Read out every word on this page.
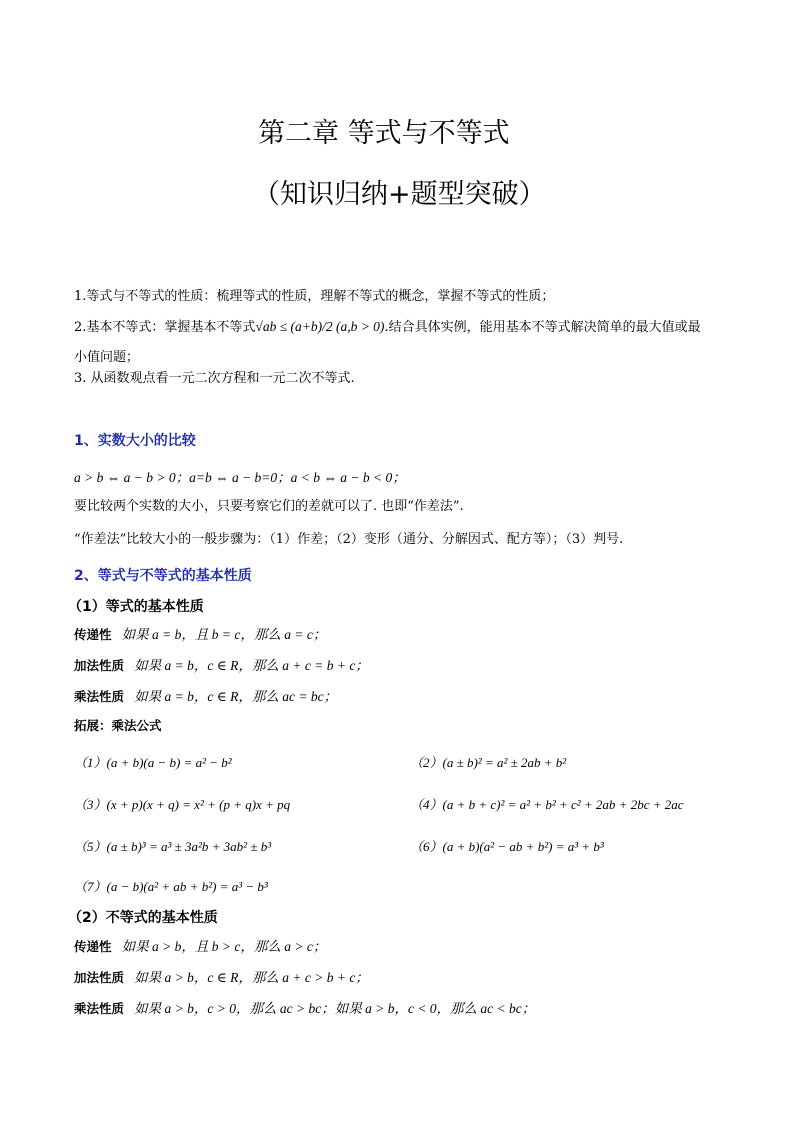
第二章 等式与不等式
（知识归纳+题型突破）
1.等式与不等式的性质：梳理等式的性质，理解不等式的概念，掌握不等式的性质；
2.基本不等式：掌握基本不等式√ab ≤ (a+b)/2 (a,b > 0).结合具体实例，能用基本不等式解决简单的最大值或最
小值问题；
3. 从函数观点看一元二次方程和一元二次不等式.
1、实数大小的比较
a > b ⇔ a − b > 0；a=b ⇔ a − b=0；a < b ⇔ a − b < 0；
要比较两个实数的大小，只要考察它们的差就可以了. 也即“作差法”.
“作差法”比较大小的一般步骤为：（1）作差；（2）变形（通分、分解因式、配方等）；（3）判号.
2、等式与不等式的基本性质
（1）等式的基本性质
传递性 如果 a = b，且 b = c，那么 a = c；
加法性质 如果 a = b，c ∈ R，那么 a + c = b + c；
乘法性质 如果 a = b，c ∈ R，那么 ac = bc；
拓展：乘法公式
（1）(a + b)(a − b) = a² − b²	（2）(a ± b)² = a² ± 2ab + b²
（3）(x + p)(x + q) = x² + (p + q)x + pq	（4）(a + b + c)² = a² + b² + c² + 2ab + 2bc + 2ac
（5）(a ± b)³ = a³ ± 3a²b + 3ab² ± b³	（6）(a + b)(a² − ab + b²) = a³ + b³
（7）(a − b)(a² + ab + b²) = a³ − b³
（2）不等式的基本性质
传递性 如果 a > b，且 b > c，那么 a > c；
加法性质 如果 a > b，c ∈ R，那么 a + c > b + c；
乘法性质 如果 a > b，c > 0，那么 ac > bc；如果 a > b，c < 0，那么 ac < bc；
